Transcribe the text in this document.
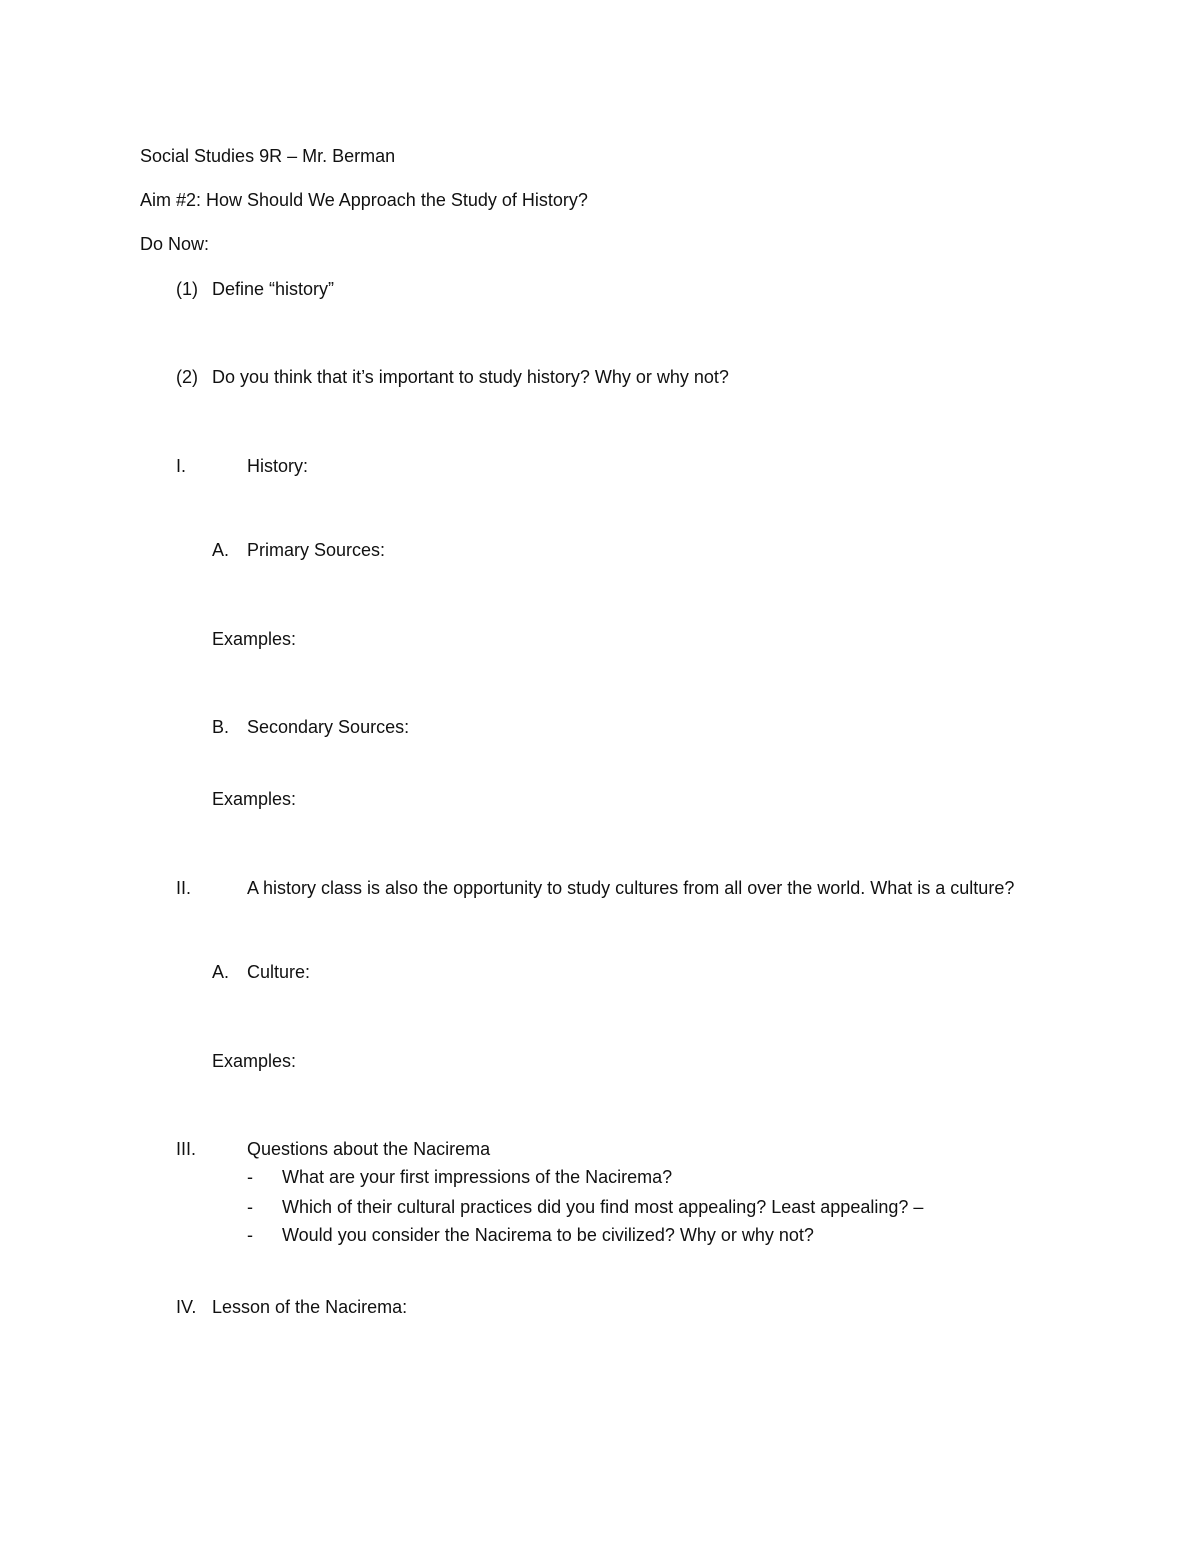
Social Studies 9R – Mr. Berman
Aim #2: How Should We Approach the Study of History?
Do Now:
(1) Define “history”
(2) Do you think that it’s important to study history? Why or why not?
I.	History:
A. Primary Sources:
Examples:
B. Secondary Sources:
Examples:
II.	A history class is also the opportunity to study cultures from all over the world. What is a culture?
A. Culture:
Examples:
III.	Questions about the Nacirema
- What are your first impressions of the Nacirema?
- Which of their cultural practices did you find most appealing? Least appealing? –
- Would you consider the Nacirema to be civilized? Why or why not?
IV. Lesson of the Nacirema:
